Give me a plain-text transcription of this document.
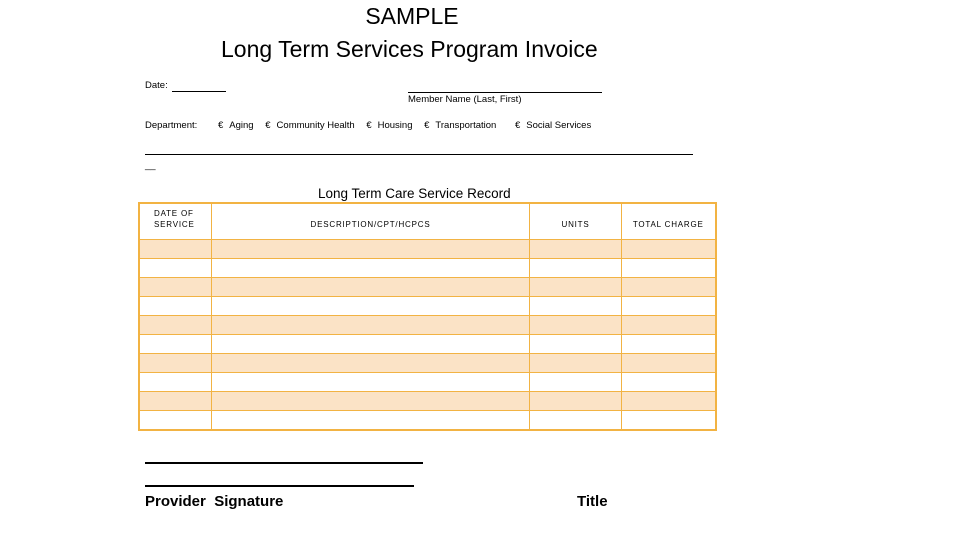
SAMPLE
Long Term Services Program Invoice
Date:
Member Name (Last, First)
Department: € Aging € Community Health € Housing € Transportation € Social Services
__
Long Term Care Service Record
DATE OF SERVICE	DESCRIPTION/CPT/HCPCS	UNITS	TOTAL CHARGE

Provider  Signature	Title
